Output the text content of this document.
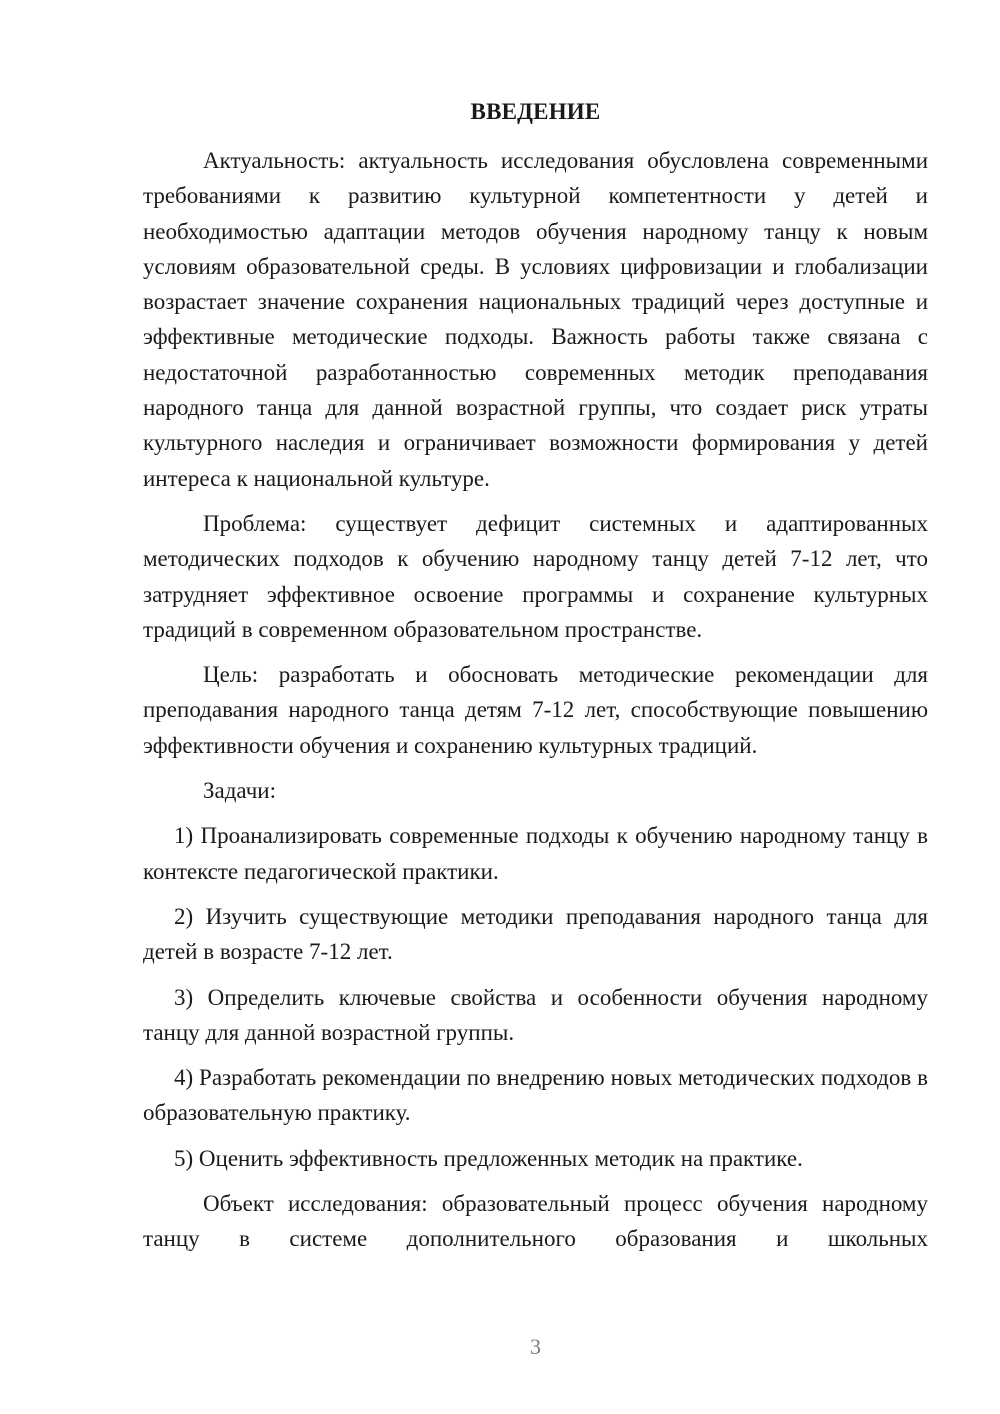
ВВЕДЕНИЕ

Актуальность: актуальность исследования обусловлена современными требованиями к развитию культурной компетентности у детей и необходимостью адаптации методов обучения народному танцу к новым условиям образовательной среды. В условиях цифровизации и глобализации возрастает значение сохранения национальных традиций через доступные и эффективные методические подходы. Важность работы также связана с недостаточной разработанностью современных методик преподавания народного танца для данной возрастной группы, что создает риск утраты культурного наследия и ограничивает возможности формирования у детей интереса к национальной культуре.

Проблема: существует дефицит системных и адаптированных методических подходов к обучению народному танцу детей 7-12 лет, что затрудняет эффективное освоение программы и сохранение культурных традиций в современном образовательном пространстве.

Цель: разработать и обосновать методические рекомендации для преподавания народного танца детям 7-12 лет, способствующие повышению эффективности обучения и сохранению культурных традиций.

Задачи:

1) Проанализировать современные подходы к обучению народному танцу в контексте педагогической практики.

2) Изучить существующие методики преподавания народного танца для детей в возрасте 7-12 лет.

3) Определить ключевые свойства и особенности обучения народному танцу для данной возрастной группы.

4) Разработать рекомендации по внедрению новых методических подходов в образовательную практику.

5) Оценить эффективность предложенных методик на практике.

Объект исследования: образовательный процесс обучения народному танцу в системе дополнительного образования и школьных

3
